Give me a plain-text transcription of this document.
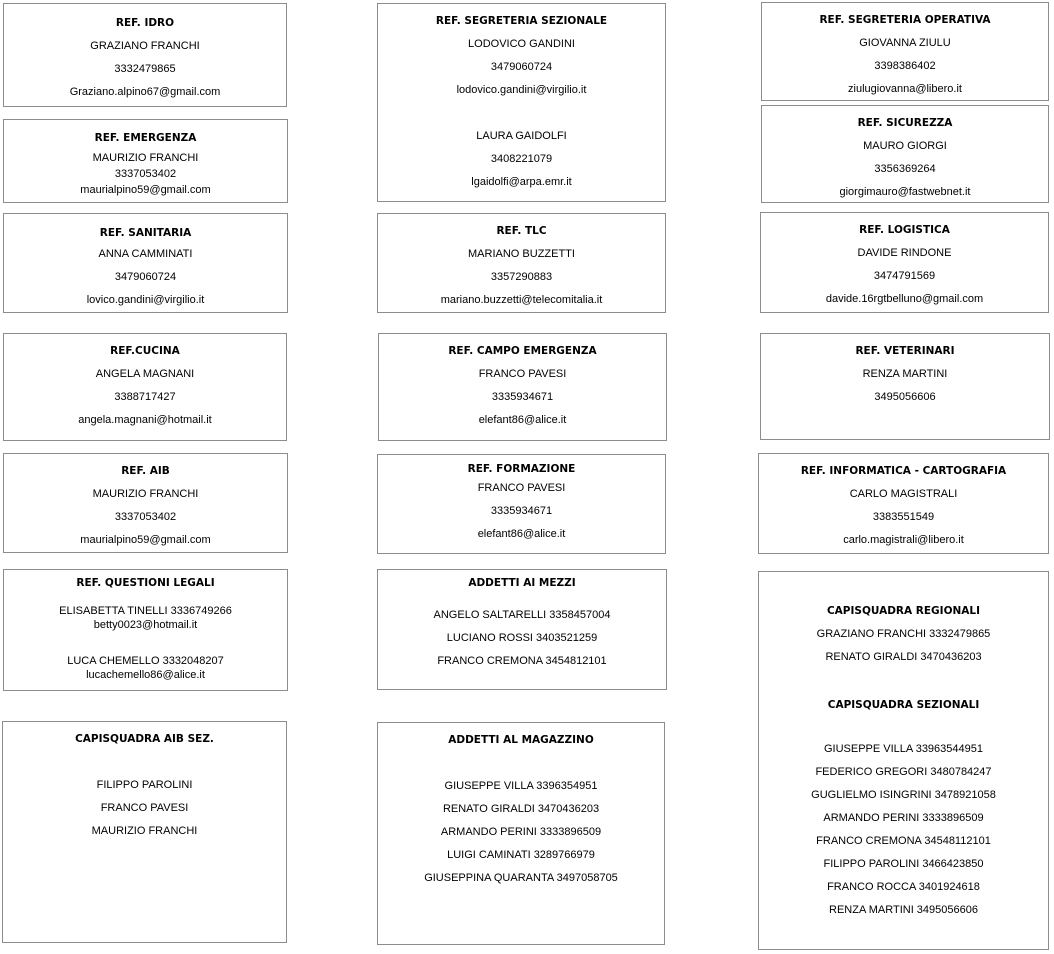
REF. IDRO
GRAZIANO FRANCHI
3332479865
Graziano.alpino67@gmail.com
REF. EMERGENZA
MAURIZIO FRANCHI
3337053402
maurialpino59@gmail.com
REF. SANITARIA
ANNA CAMMINATI
3479060724
lovico.gandini@virgilio.it
REF.CUCINA
ANGELA MAGNANI
3388717427
angela.magnani@hotmail.it
REF. AIB
MAURIZIO FRANCHI
3337053402
maurialpino59@gmail.com
REF. QUESTIONI LEGALI
ELISABETTA TINELLI 3336749266
betty0023@hotmail.it
LUCA CHEMELLO 3332048207
lucachemello86@alice.it
CAPISQUADRA AIB SEZ.
FILIPPO PAROLINI
FRANCO PAVESI
MAURIZIO FRANCHI
REF. SEGRETERIA SEZIONALE
LODOVICO GANDINI
3479060724
lodovico.gandini@virgilio.it
LAURA GAIDOLFI
3408221079
lgaidolfi@arpa.emr.it
REF. TLC
MARIANO BUZZETTI
3357290883
mariano.buzzetti@telecomitalia.it
REF. CAMPO EMERGENZA
FRANCO PAVESI
3335934671
elefant86@alice.it
REF. FORMAZIONE
FRANCO PAVESI
3335934671
elefant86@alice.it
ADDETTI AI MEZZI
ANGELO SALTARELLI 3358457004
LUCIANO ROSSI 3403521259
FRANCO CREMONA 3454812101
ADDETTI AL MAGAZZINO
GIUSEPPE VILLA 3396354951
RENATO GIRALDI 3470436203
ARMANDO PERINI 3333896509
LUIGI CAMINATI 3289766979
GIUSEPPINA QUARANTA 3497058705
REF. SEGRETERIA OPERATIVA
GIOVANNA ZIULU
3398386402
ziulugiovanna@libero.it
REF. SICUREZZA
MAURO GIORGI
3356369264
giorgimauro@fastwebnet.it
REF. LOGISTICA
DAVIDE RINDONE
3474791569
davide.16rgtbelluno@gmail.com
REF. VETERINARI
RENZA MARTINI
3495056606
REF. INFORMATICA - CARTOGRAFIA
CARLO MAGISTRALI
3383551549
carlo.magistrali@libero.it
CAPISQUADRA REGIONALI
GRAZIANO FRANCHI 3332479865
RENATO GIRALDI 3470436203
CAPISQUADRA SEZIONALI
GIUSEPPE VILLA 33963544951
FEDERICO GREGORI 3480784247
GUGLIELMO ISINGRINI 3478921058
ARMANDO PERINI 3333896509
FRANCO CREMONA 34548112101
FILIPPO PAROLINI 3466423850
FRANCO ROCCA 3401924618
RENZA MARTINI 3495056606
